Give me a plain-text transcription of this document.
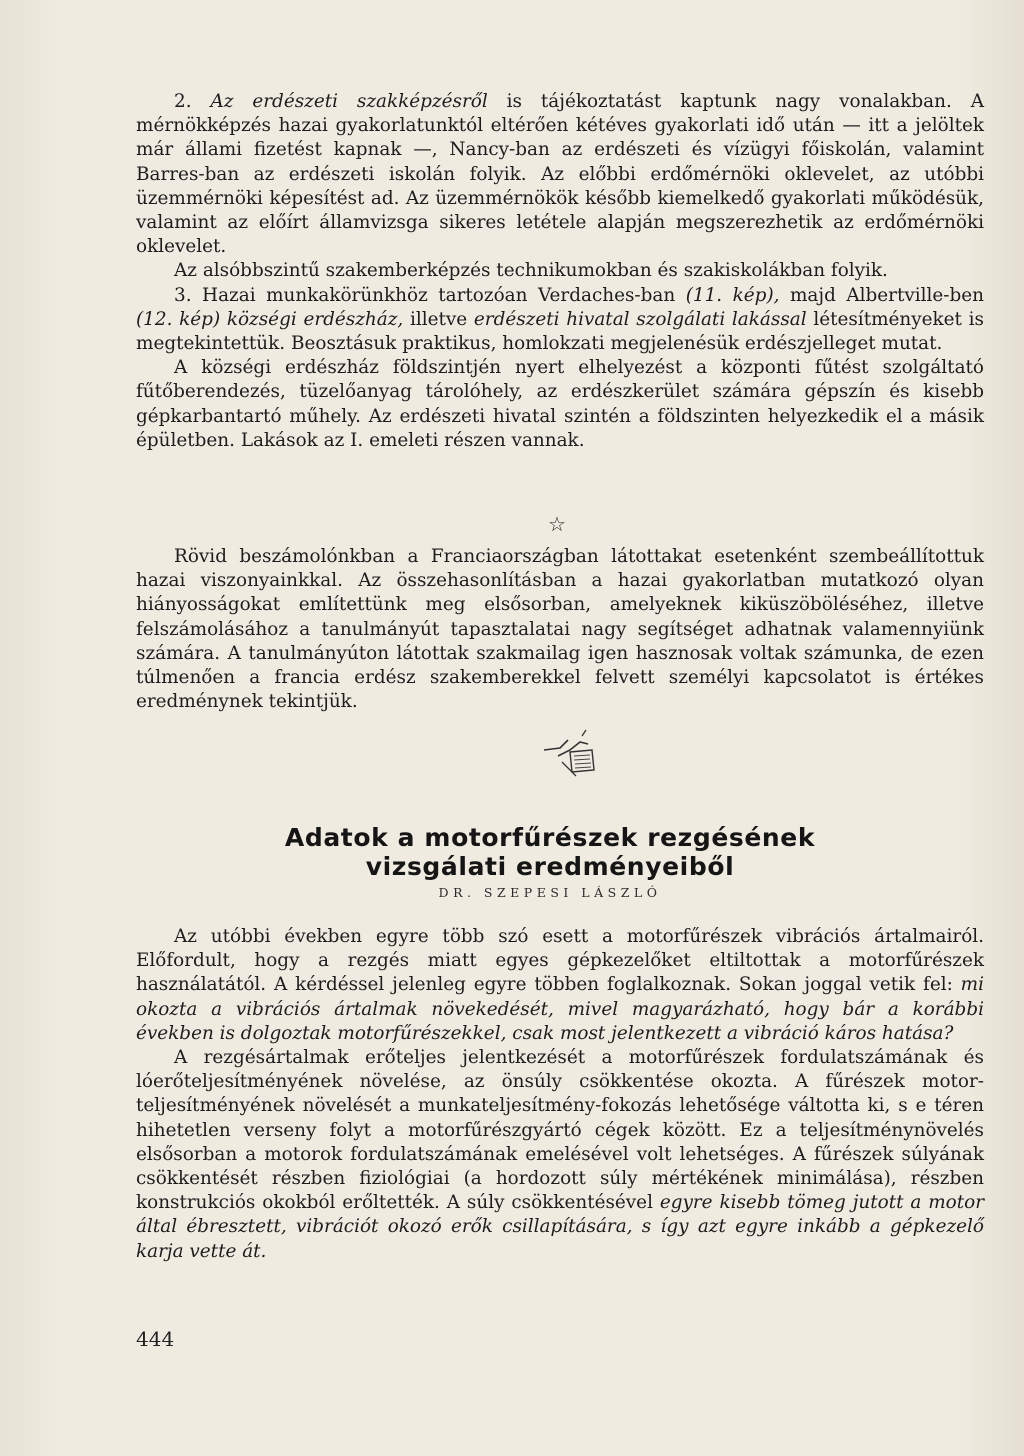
2. Az erdészeti szakképzésről is tájékoztatást kaptunk nagy vonalakban. A mérnökképzés hazai gyakorlatunktól eltérően kétéves gyakorlati idő után — itt a jelöltek már állami fizetést kapnak —, Nancy-ban az erdészeti és vízügyi főiskolán, valamint Barres-ban az erdészeti iskolán folyik. Az előbbi erdőmérnöki oklevelet, az utóbbi üzemmérnöki képesítést ad. Az üzemmérnökök később kiemelkedő gyakorlati működésük, valamint az előírt államvizsga sikeres letétele alapján megszerezhetik az erdőmérnöki oklevelet.

Az alsóbbszintű szakemberképzés technikumokban és szakiskolákban folyik.

3. Hazai munkakörünkhöz tartozóan Verdaches-ban (11. kép), majd Albertville-ben (12. kép) községi erdészház, illetve erdészeti hivatal szolgálati lakással létesítményeket is megtekintettük. Beosztásuk praktikus, homlokzati megjelenésük erdészjelleget mutat.

A községi erdészház földszintjén nyert elhelyezést a központi fűtést szolgáltató fűtőberendezés, tüzelőanyag tárolóhely, az erdészkerület számára gépszín és kisebb gépkarbantartó műhely. Az erdészeti hivatal szintén a földszinten helyezkedik el a másik épületben. Lakások az I. emeleti részen vannak.

☆

Rövid beszámolónkban a Franciaországban látottakat esetenként szembeállítottuk hazai viszonyainkkal. Az összehasonlításban a hazai gyakorlatban mutatkozó olyan hiányosságokat említettünk meg elsősorban, amelyeknek kiküszöböléséhez, illetve felszámolásához a tanulmányút tapasztalatai nagy segítséget adhatnak valamennyiünk számára. A tanulmányúton látottak szakmailag igen hasznosak voltak számunka, de ezen túlmenően a francia erdész szakemberekkel felvett személyi kapcsolatot is értékes eredménynek tekintjük.

Adatok a motorfűrészek rezgésének
vizsgálati eredményeiből
DR. SZEPESI LÁSZLÓ

Az utóbbi években egyre több szó esett a motorfűrészek vibrációs ártalmairól. Előfordult, hogy a rezgés miatt egyes gépkezelőket eltiltottak a motorfűrészek használatától. A kérdéssel jelenleg egyre többen foglalkoznak. Sokan joggal vetik fel: mi okozta a vibrációs ártalmak növekedését, mivel magyarázható, hogy bár a korábbi években is dolgoztak motorfűrészekkel, csak most jelentkezett a vibráció káros hatása?

A rezgésártalmak erőteljes jelentkezését a motorfűrészek fordulatszámának és lóerőteljesítményének növelése, az önsúly csökkentése okozta. A fűrészek motor-teljesítményének növelését a munkateljesítmény-fokozás lehetősége váltotta ki, s e téren hihetetlen verseny folyt a motorfűrészgyártó cégek között. Ez a teljesítménynövelés elsősorban a motorok fordulatszámának emelésével volt lehetséges. A fűrészek súlyának csökkentését részben fiziológiai (a hordozott súly mértékének minimálása), részben konstrukciós okokból erőltették. A súly csökkentésével egyre kisebb tömeg jutott a motor által ébresztett, vibrációt okozó erők csillapítására, s így azt egyre inkább a gépkezelő karja vette át.

444
